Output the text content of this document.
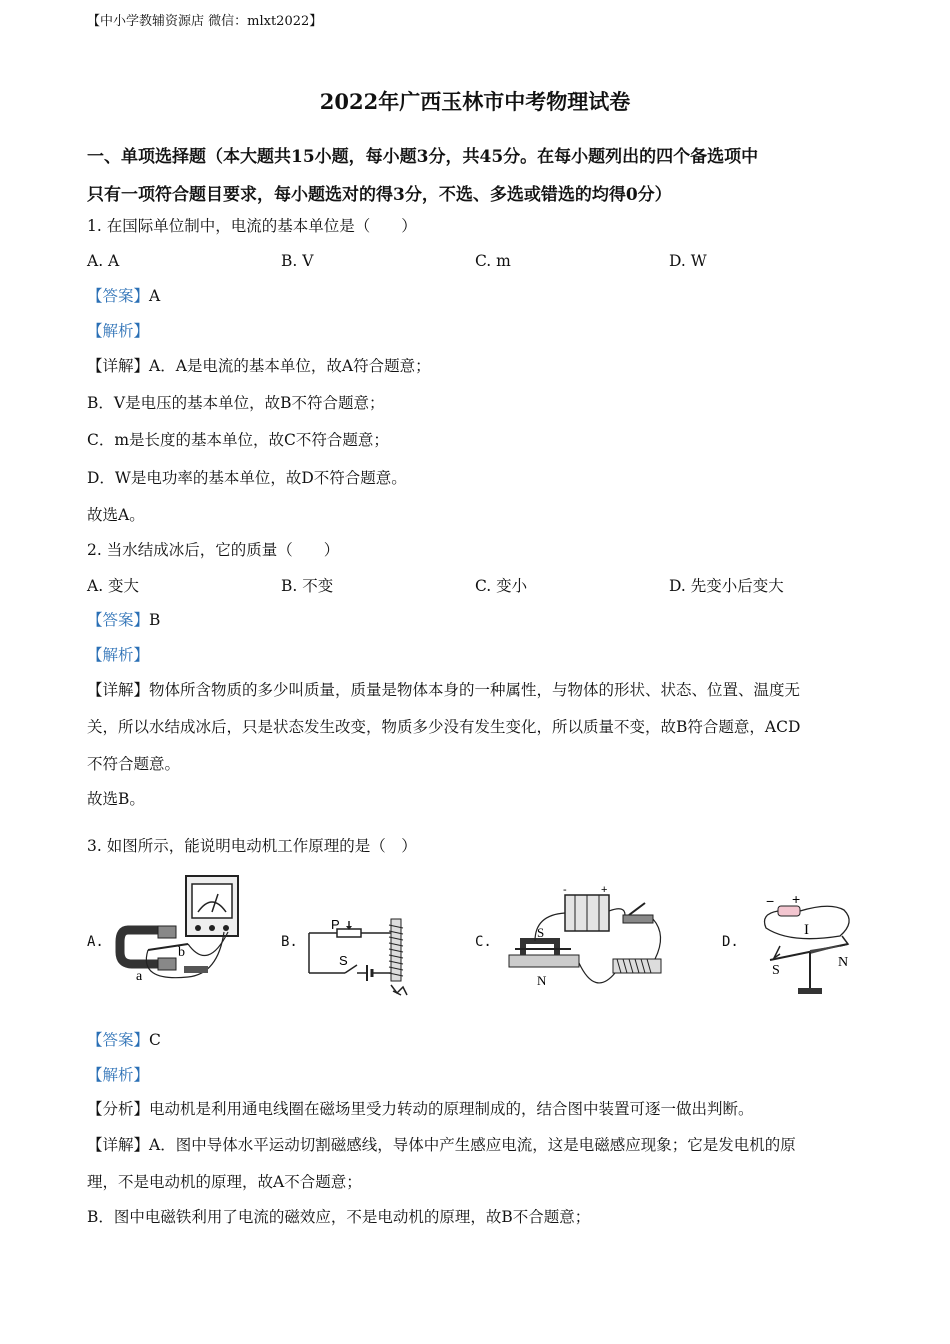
【中小学教辅资源店 微信：mlxt2022】
2022年广西玉林市中考物理试卷
一、单项选择题（本大题共15小题，每小题3分，共45分。在每小题列出的四个备选项中
只有一项符合题目要求，每小题选对的得3分，不选、多选或错选的均得0分）
1. 在国际单位制中，电流的基本单位是（　　）
A. A	B. V	C. m	D. W
【答案】A
【解析】
【详解】A．A是电流的基本单位，故A符合题意；
B．V是电压的基本单位，故B不符合题意；
C．m是长度的基本单位，故C不符合题意；
D．W是电功率的基本单位，故D不符合题意。
故选A。
2. 当水结成冰后，它的质量（　　）
A. 变大	B. 不变	C. 变小	D. 先变小后变大
【答案】B
【解析】
【详解】物体所含物质的多少叫质量，质量是物体本身的一种属性，与物体的形状、状态、位置、温度无
关，所以水结成冰后，只是状态发生改变，物质多少没有发生变化，所以质量不变，故B符合题意，ACD
不符合题意。
故选B。
3. 如图所示，能说明电动机工作原理的是（　）
A.	B.	C.	D.
a
b
P
S
-	+
S
N
− +
I
S
N
【答案】C
【解析】
【分析】电动机是利用通电线圈在磁场里受力转动的原理制成的，结合图中装置可逐一做出判断。
【详解】A．图中导体水平运动切割磁感线，导体中产生感应电流，这是电磁感应现象；它是发电机的原
理，不是电动机的原理，故A不合题意；
B．图中电磁铁利用了电流的磁效应，不是电动机的原理，故B不合题意；
